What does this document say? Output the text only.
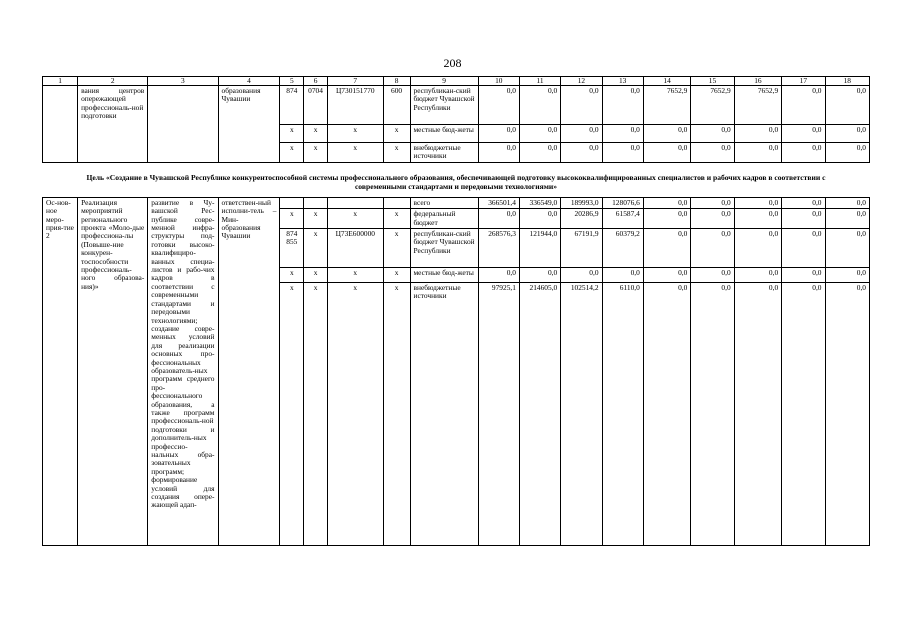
208
1	2	3	4	5	6	7	8	9	10	11	12	13	14	15	16	17	18
	вания центров опережающей профессиональ-ной подготовки		образования Чувашии	874	0704	Ц730151770	600	республикан-ский бюджет Чувашской Республики	0,0	0,0	0,0	0,0	7652,9	7652,9	7652,9	0,0	0,0
				x	x	x	x	местные бюд-жеты	0,0	0,0	0,0	0,0	0,0	0,0	0,0	0,0	0,0
				x	x	x	x	внебюджетные источники	0,0	0,0	0,0	0,0	0,0	0,0	0,0	0,0	0,0
Цель «Создание в Чувашской Республике конкурентоспособной системы профессионального образования, обеспечивающей подготовку высококвалифицированных специалистов и рабочих кадров в соответствии с современными стандартами и передовыми технологиями»																	
Ос-нов-ное меро-прия-тие 2	Реализация мероприятий регионального проекта «Моло-дые профессиона-лы (Повыше-ние конкурен-тоспособности профессиональ-ного образова-ния)»	развитие в Чу-вашской Рес-публике совре-менной инфра-структуры под-готовки высоко-квалифициро-ванных специа-листов и рабо-чих кадров в соответствии с современными стандартами и передовыми технологиями; создание совре-менных условий для реализации основных про-фессиональных образователь-ных программ среднего про-фессионального образования, а также программ профессиональ-ной подготовки и дополнитель-ных профессио-нальных обра-зовательных программ; формирование условий для создания опере-жающей адап-	ответствен-ный исполни-тель – Мин-образования Чувашии					всего	366501,4	336549,0	189993,0	128076,6	0,0	0,0	0,0	0,0	0,0
				x	x	x	x	федеральный бюджет	0,0	0,0	20286,9	61587,4	0,0	0,0	0,0	0,0	0,0
				874 855	x	Ц73Е600000	x	республикан-ский бюджет Чувашской Республики	268576,3	121944,0	67191,9	60379,2	0,0	0,0	0,0	0,0	0,0
				x	x	x	x	местные бюд-жеты	0,0	0,0	0,0	0,0	0,0	0,0	0,0	0,0	0,0
				x	x	x	x	внебюджетные источники	97925,1	214605,0	102514,2	6110,0	0,0	0,0	0,0	0,0	0,0
